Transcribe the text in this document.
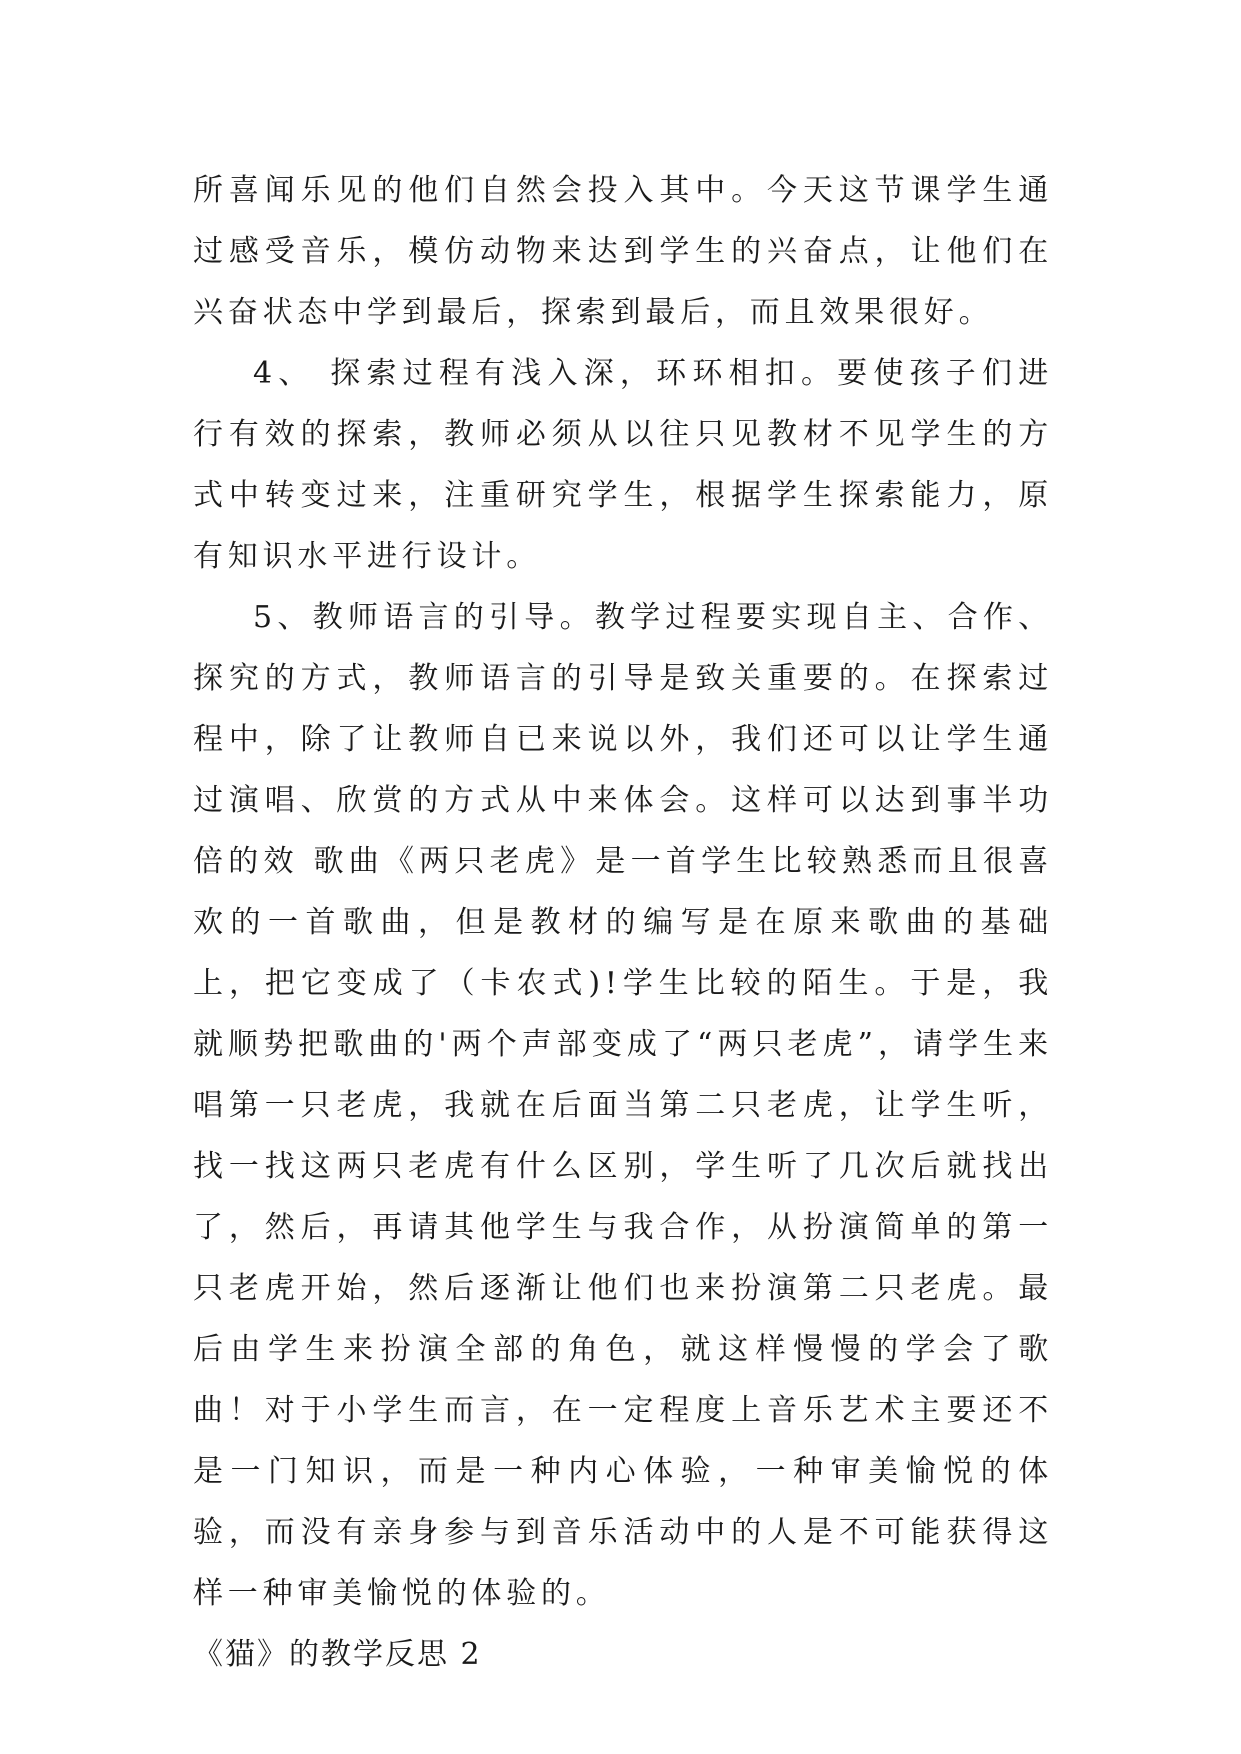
所喜闻乐见的他们自然会投入其中。今天这节课学生通过感受音乐，模仿动物来达到学生的兴奋点，让他们在兴奋状态中学到最后，探索到最后，而且效果很好。

4、 探索过程有浅入深，环环相扣。要使孩子们进行有效的探索，教师必须从以往只见教材不见学生的方式中转变过来，注重研究学生，根据学生探索能力，原有知识水平进行设计。

5、教师语言的引导。教学过程要实现自主、合作、探究的方式，教师语言的引导是致关重要的。在探索过程中，除了让教师自已来说以外，我们还可以让学生通过演唱、欣赏的方式从中来体会。这样可以达到事半功倍的效 歌曲《两只老虎》是一首学生比较熟悉而且很喜欢的一首歌曲，但是教材的编写是在原来歌曲的基础上，把它变成了（卡农式)!学生比较的陌生。于是，我就顺势把歌曲的'两个声部变成了“两只老虎”，请学生来唱第一只老虎，我就在后面当第二只老虎，让学生听，找一找这两只老虎有什么区别，学生听了几次后就找出了，然后，再请其他学生与我合作，从扮演简单的第一只老虎开始，然后逐渐让他们也来扮演第二只老虎。最后由学生来扮演全部的角色，就这样慢慢的学会了歌曲！对于小学生而言，在一定程度上音乐艺术主要还不是一门知识，而是一种内心体验，一种审美愉悦的体验，而没有亲身参与到音乐活动中的人是不可能获得这样一种审美愉悦的体验的。

《猫》的教学反思 2
